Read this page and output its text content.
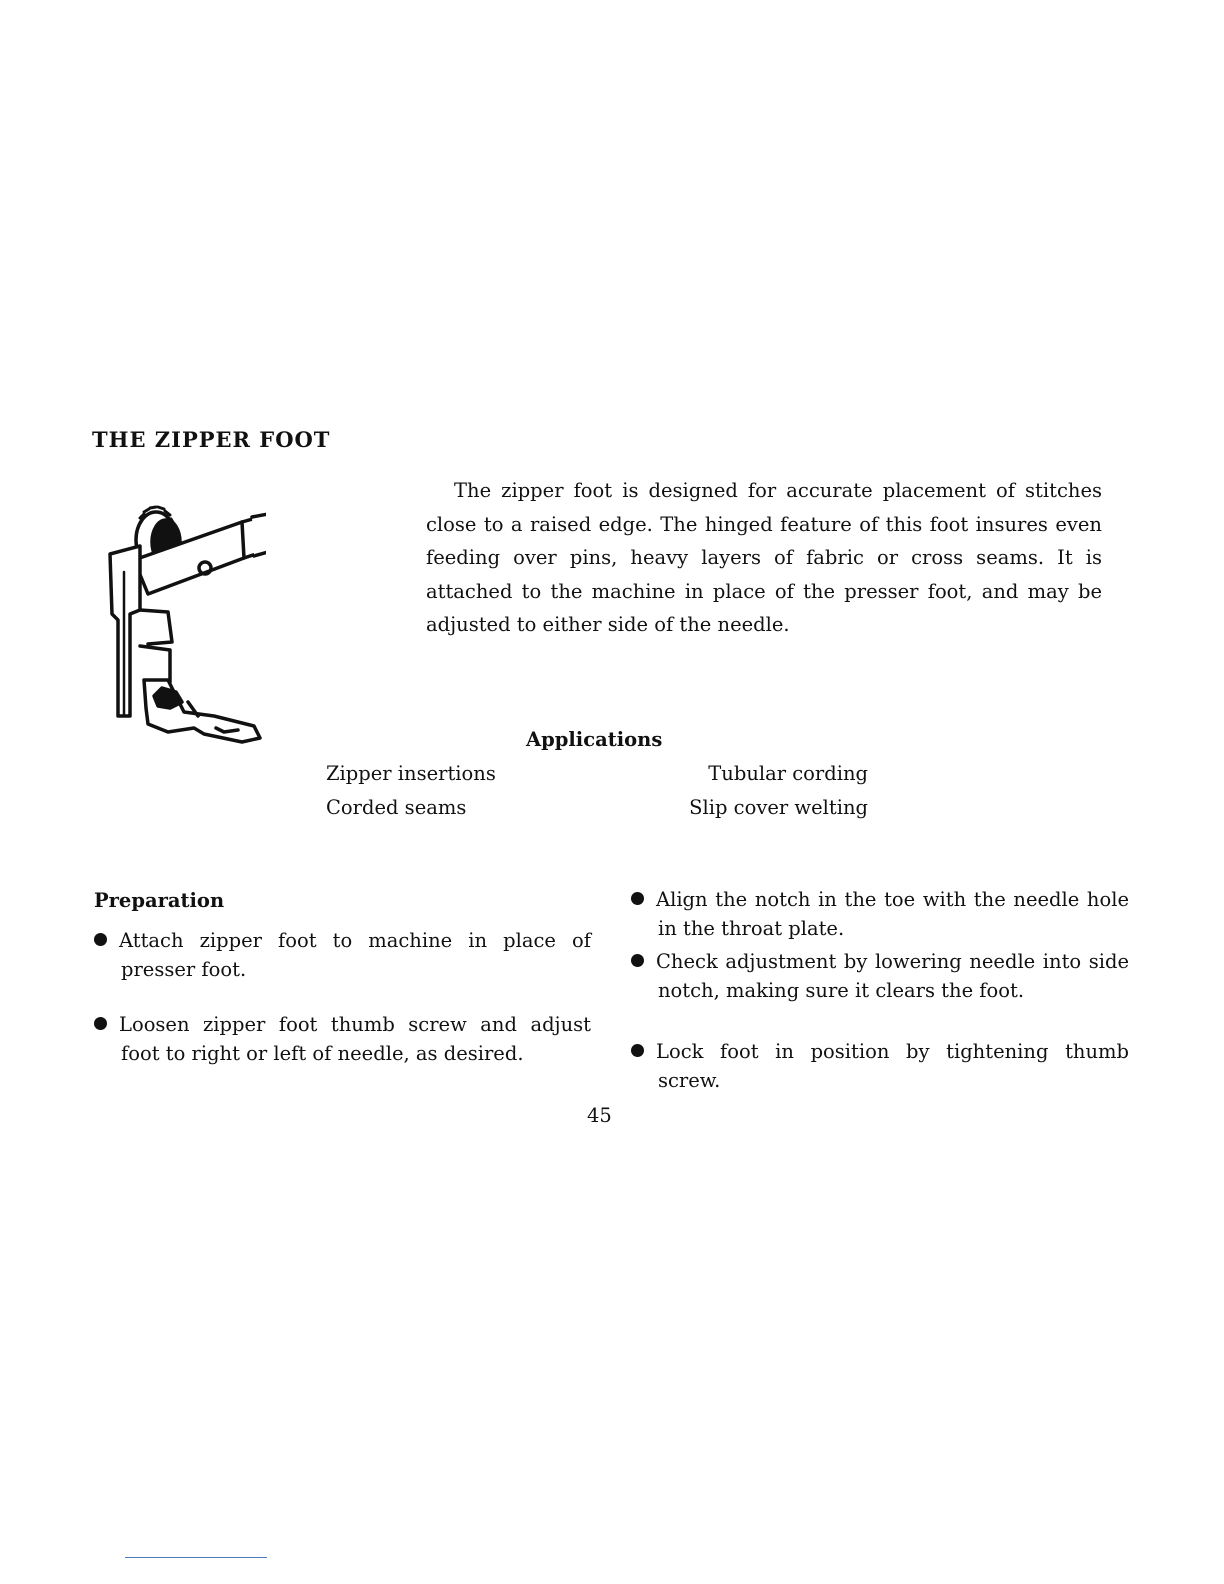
THE ZIPPER FOOT

The zipper foot is designed for accurate placement of stitches close to a raised edge. The hinged feature of this foot insures even feeding over pins, heavy layers of fabric or cross seams. It is attached to the machine in place of the presser foot, and may be adjusted to either side of the needle.

Applications
Zipper insertions
Corded seams
Tubular cording
Slip cover welting
Preparation

Attach zipper foot to machine in place of presser foot.

Loosen zipper foot thumb screw and adjust foot to right or left of needle, as desired.

Align the notch in the toe with the needle hole in the throat plate.

Check adjustment by lowering needle into side notch, making sure it clears the foot.

Lock foot in position by tightening thumb screw.

45
